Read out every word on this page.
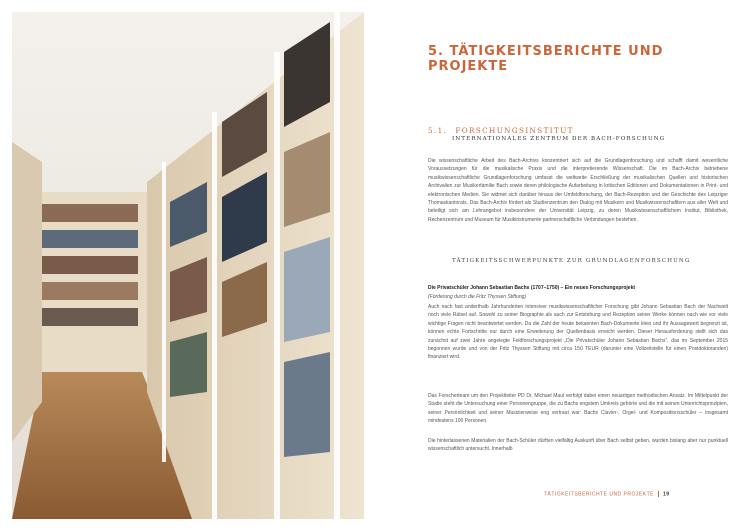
5. TÄTIGKEITSBERICHTE UND PROJEKTE
5.1. FORSCHUNGSINSTITUT
INTERNATIONALES ZENTRUM DER BACH-FORSCHUNG

Die wissenschaftliche Arbeit des Bach-Archivs konzentriert sich auf die Grundlagenforschung und schafft damit wesentliche Voraussetzungen für die musikalische Praxis und die interpretierende Wissenschaft. Die im Bach-Archiv betriebene musikwissenschaftliche Grundlagenforschung umfasst die weltweite Erschließung der musikalischen Quellen und historischen Archivalien zur Musikerfamilie Bach sowie deren philologische Aufarbeitung in kritischen Editionen und Dokumentationen in Print- und elektronischen Medien. Sie widmet sich darüber hinaus der Umfeldforschung, der Bach-Rezeption und der Geschichte des Leipziger Thomaskantorats. Das Bach-Archiv fördert als Studienzentrum den Dialog mit Musikern und Musikwissenschaftlern aus aller Welt und beteiligt sich am Lehrangebot insbesondere der Universität Leipzig, zu deren Musikwissenschaftlichem Institut, Bibliothek, Rechenzentrum und Museum für Musikinstrumente partnerschaftliche Verbindungen bestehen.

TÄTIGKEITSSCHWERPUNKTE ZUR GRUNDLAGENFORSCHUNG

Die Privatschüler Johann Sebastian Bachs (1707–1750) – Ein neues Forschungsprojekt

(Förderung durch die Fritz Thyssen Stiftung)

Auch nach fast anderthalb Jahrhunderten intensiver musikwissenschaftlicher Forschung gibt Johann Sebastian Bach der Nachwelt noch viele Rätsel auf. Sowohl zu seiner Biographie als auch zur Entstehung und Rezeption seiner Werke können nach wie vor viele wichtige Fragen nicht beantwortet werden. Da die Zahl der heute bekannten Bach-Dokumente klein und ihr Aussagewert begrenzt ist, können echte Fortschritte nur durch eine Erweiterung der Quellenbasis erreicht werden. Dieser Herausforderung stellt sich das zunächst auf zwei Jahre angelegte Feldforschungsprojekt „Die Privatschüler Johann Sebastian Bachs“, das im September 2015 begonnen wurde und von der Fritz Thyssen Stiftung mit circa 150 TEUR (darunter eine Vollzeitstelle für einen Postdoktoranden) finanziert wird.

Das Forscherteam um den Projektleiter PD Dr. Michael Maul verfolgt dabei einen neuartigen methodischen Ansatz. Im Mittelpunkt der Studie steht die Untersuchung einer Personengruppe, die zu Bachs engstem Umkreis gehörte und die mit seinen Unterrichtsprinzipien, seiner Persönlichkeit und seiner Musizierweise eng vertraut war: Bachs Clavier-, Orgel- und Kompositionsschüler – insgesamt mindestens 100 Personen.

Die hinterlassenen Materialien der Bach-Schüler dürften vielfältig Auskunft über Bach selbst geben, wurden bislang aber nur punktuell wissenschaftlich untersucht. Innerhalb

TÄTIGKEITSBERICHTE UND PROJEKTE 19
